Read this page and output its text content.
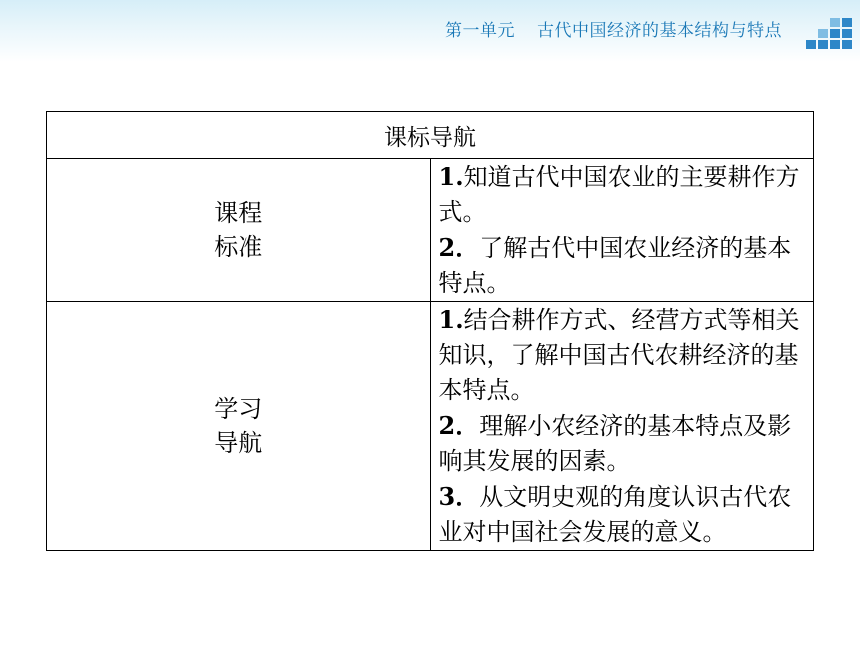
第一单元 古代中国经济的基本结构与特点
课标导航	

课程
标准	1.知道古代中国农业的主要耕作方式。
2．了解古代中国农业经济的基本特点。

学习
导航	1.结合耕作方式、经营方式等相关知识，了解中国古代农耕经济的基本特点。
2．理解小农经济的基本特点及影响其发展的因素。
3．从文明史观的角度认识古代农业对中国社会发展的意义。
